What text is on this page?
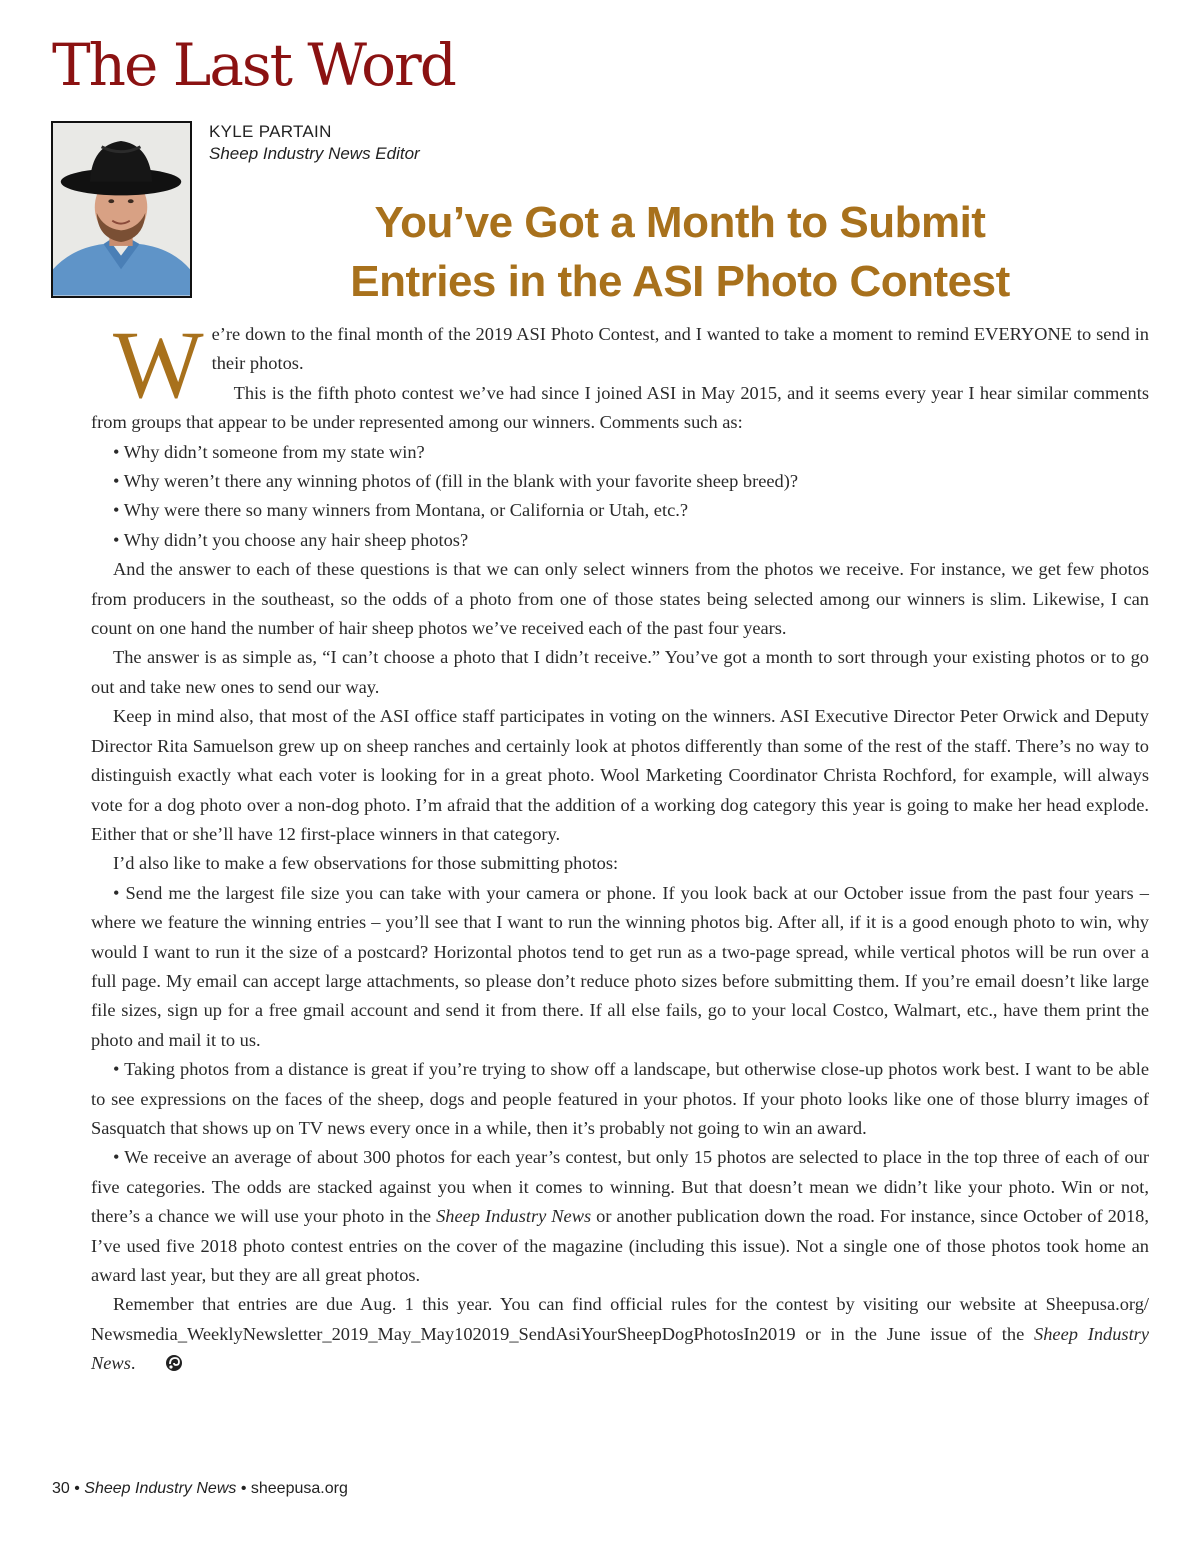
The Last Word
KYLE PARTAIN
Sheep Industry News Editor
You’ve Got a Month to Submit
Entries in the ASI Photo Contest

We’re down to the final month of the 2019 ASI Photo Contest, and I wanted to take a moment to remind EVERYONE to send in their photos.

This is the fifth photo contest we’ve had since I joined ASI in May 2015, and it seems every year I hear similar comments from groups that appear to be under represented among our winners. Comments such as:

• Why didn’t someone from my state win?

• Why weren’t there any winning photos of (fill in the blank with your favorite sheep breed)?

• Why were there so many winners from Montana, or California or Utah, etc.?

• Why didn’t you choose any hair sheep photos?

And the answer to each of these questions is that we can only select winners from the photos we receive. For instance, we get few photos from producers in the southeast, so the odds of a photo from one of those states being selected among our winners is slim. Likewise, I can count on one hand the number of hair sheep photos we’ve received each of the past four years.

The answer is as simple as, “I can’t choose a photo that I didn’t receive.” You’ve got a month to sort through your existing photos or to go out and take new ones to send our way.

Keep in mind also, that most of the ASI office staff participates in voting on the winners. ASI Executive Director Peter Orwick and Deputy Director Rita Samuelson grew up on sheep ranches and certainly look at photos differently than some of the rest of the staff. There’s no way to distinguish exactly what each voter is looking for in a great photo. Wool Marketing Coordinator Christa Rochford, for example, will always vote for a dog photo over a non-dog photo. I’m afraid that the addition of a working dog category this year is going to make her head explode. Either that or she’ll have 12 first-place winners in that category.

I’d also like to make a few observations for those submitting photos:

• Send me the largest file size you can take with your camera or phone. If you look back at our October issue from the past four years – where we feature the winning entries – you’ll see that I want to run the winning photos big. After all, if it is a good enough photo to win, why would I want to run it the size of a postcard? Horizontal photos tend to get run as a two-page spread, while vertical photos will be run over a full page. My email can accept large attachments, so please don’t reduce photo sizes before submitting them. If you’re email doesn’t like large file sizes, sign up for a free gmail account and send it from there. If all else fails, go to your local Costco, Walmart, etc., have them print the photo and mail it to us.

• Taking photos from a distance is great if you’re trying to show off a landscape, but otherwise close-up photos work best. I want to be able to see expressions on the faces of the sheep, dogs and people featured in your photos. If your photo looks like one of those blurry images of Sasquatch that shows up on TV news every once in a while, then it’s probably not going to win an award.

• We receive an average of about 300 photos for each year’s contest, but only 15 photos are selected to place in the top three of each of our five categories. The odds are stacked against you when it comes to winning. But that doesn’t mean we didn’t like your photo. Win or not, there’s a chance we will use your photo in the Sheep Industry News or another publication down the road. For instance, since October of 2018, I’ve used five 2018 photo contest entries on the cover of the magazine (including this issue). Not a single one of those photos took home an award last year, but they are all great photos.

Remember that entries are due Aug. 1 this year. You can find official rules for the contest by visiting our website at Sheepusa.org/ Newsmedia_WeeklyNewsletter_2019_May_May102019_SendAsiYourSheepDogPhotosIn2019 or in the June issue of the Sheep Industry News.

30 • Sheep Industry News • sheepusa.org
